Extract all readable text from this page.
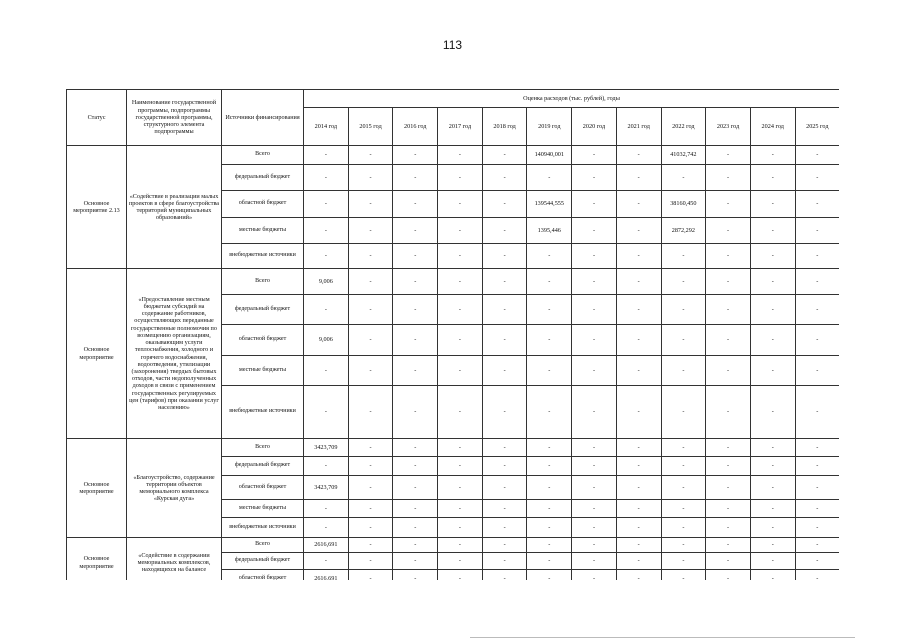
113
Статус	Наименование государственной программы, подпрограммы государственной программы, структурного элемента подпрограммы	Источники финансирования	Оценка расходов (тыс. рублей), годы											
			2014 год	2015 год	2016 год	2017 год	2018 год	2019 год	2020 год	2021 год	2022 год	2023 год	2024 год	2025 год
Основное мероприятие 2.13	«Содействие в реализации малых проектов в сфере благоустройства территорий муниципальных образований»	Всего	-	-	-	-	-	140940,001	-	-	41032,742	-	-	-
		федеральный бюджет	-	-	-	-	-	-	-	-	-	-	-	-
		областной бюджет	-	-	-	-	-	139544,555	-	-	38160,450	-	-	-
		местные бюджеты	-	-	-	-	-	1395,446	-	-	2872,292	-	-	-
		внебюджетные источники	-	-	-	-	-	-	-	-	-	-	-	-
Основное мероприятие	«Предоставление местным бюджетам субсидий на содержание работников, осуществляющих переданные государственные полномочия по возмещению организациям, оказывающим услуги теплоснабжения, холодного и горячего водоснабжения, водоотведения, утилизации (захоронения) твердых бытовых отходов, части недополученных доходов в связи с применением государственных регулируемых цен (тарифов) при оказании услуг населению»	Всего	9,006	-	-	-	-	-	-	-	-	-	-	-
		федеральный бюджет	-	-	-	-	-	-	-	-	-	-	-	-
		областной бюджет	9,006	-	-	-	-	-	-	-	-	-	-	-
		местные бюджеты	-	-	-	-	-	-	-	-	-	-	-	-
		внебюджетные источники	-	-	-	-	-	-	-	-	-	-	-	-
Основное мероприятие	«Благоустройство, содержание территории объектов мемориального комплекса «Курская дуга»	Всего	3423,709	-	-	-	-	-	-	-	-	-	-	-
		федеральный бюджет	-	-	-	-	-	-	-	-	-	-	-	-
		областной бюджет	3423,709	-	-	-	-	-	-	-	-	-	-	-
		местные бюджеты	-	-	-	-	-	-	-	-	-	-	-	-
		внебюджетные источники	-	-	-	-	-	-	-	-	-	-	-	-
Основное мероприятие	«Содействие в содержании мемориальных комплексов, находящихся на балансе	Всего	2616,691	-	-	-	-	-	-	-	-	-	-	-
		федеральный бюджет	-	-	-	-	-	-	-	-	-	-	-	-
		областной бюджет	2616,691	-	-	-	-	-	-	-	-	-	-	-
